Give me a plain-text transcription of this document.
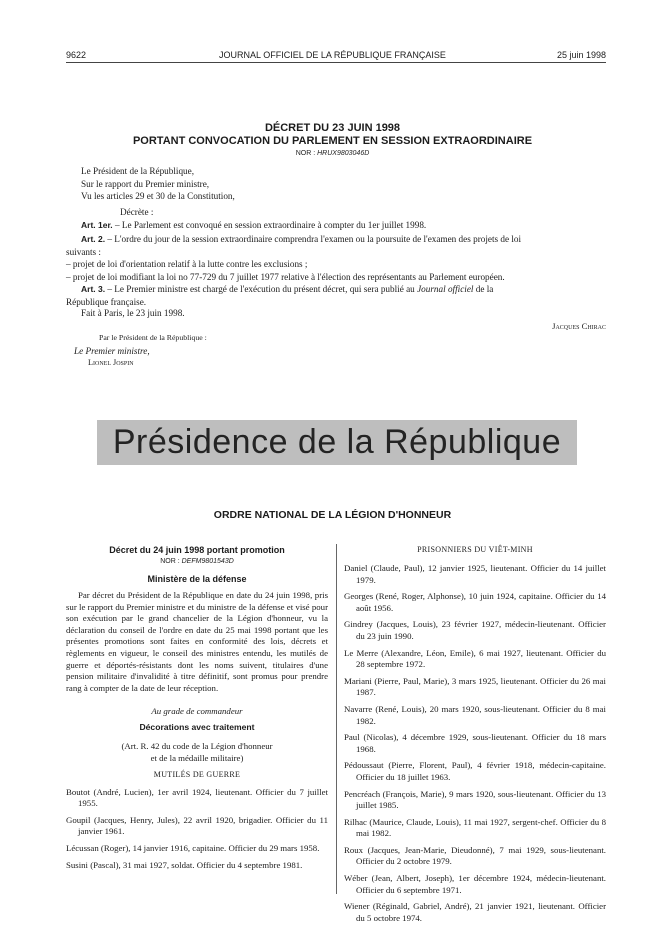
9622	JOURNAL OFFICIEL DE LA RÉPUBLIQUE FRANÇAISE	25 juin 1998
DÉCRET DU 23 JUIN 1998
PORTANT CONVOCATION DU PARLEMENT EN SESSION EXTRAORDINAIRE
NOR : HRUX9803046D
Le Président de la République,
Sur le rapport du Premier ministre,
Vu les articles 29 et 30 de la Constitution,
Décrète :
Art. 1er. – Le Parlement est convoqué en session extraordinaire à compter du 1er juillet 1998.
Art. 2. – L'ordre du jour de la session extraordinaire comprendra l'examen ou la poursuite de l'examen des projets de loi
suivants :
– projet de loi d'orientation relatif à la lutte contre les exclusions ;
– projet de loi modifiant la loi no 77-729 du 7 juillet 1977 relative à l'élection des représentants au Parlement européen.
Art. 3. – Le Premier ministre est chargé de l'exécution du présent décret, qui sera publié au Journal officiel de la
République française.
Fait à Paris, le 23 juin 1998.
Jacques Chirac
Par le Président de la République :
Le Premier ministre,
Lionel Jospin
Présidence de la République
ORDRE NATIONAL DE LA LÉGION D'HONNEUR
Décret du 24 juin 1998 portant promotion
NOR : DEFM9801543D
Ministère de la défense
Par décret du Président de la République en date du 24 juin 1998, pris sur le rapport du Premier ministre et du ministre de la défense et visé pour son exécution par le grand chancelier de la Légion d'honneur, vu la déclaration du conseil de l'ordre en date du 25 mai 1998 portant que les présentes promotions sont faites en conformité des lois, décrets et règlements en vigueur, le conseil des ministres entendu, les mutilés de guerre et déportés-résistants dont les noms suivent, titulaires d'une pension militaire d'invalidité à titre définitif, sont promus pour prendre rang à compter de la date de leur réception.
Au grade de commandeur
Décorations avec traitement
(Art. R. 42 du code de la Légion d'honneur
et de la médaille militaire)
MUTILÉS DE GUERRE

Boutot (André, Lucien), 1er avril 1924, lieutenant. Officier du 7 juillet 1955.

Goupil (Jacques, Henry, Jules), 22 avril 1920, brigadier. Officier du 11 janvier 1961.

Lécussan (Roger), 14 janvier 1916, capitaine. Officier du 29 mars 1958.

Susini (Pascal), 31 mai 1927, soldat. Officier du 4 septembre 1981.

PRISONNIERS DU VIÊT-MINH

Daniel (Claude, Paul), 12 janvier 1925, lieutenant. Officier du 14 juillet 1979.

Georges (René, Roger, Alphonse), 10 juin 1924, capitaine. Officier du 14 août 1956.

Gindrey (Jacques, Louis), 23 février 1927, médecin-lieutenant. Officier du 23 juin 1990.

Le Merre (Alexandre, Léon, Emile), 6 mai 1927, lieutenant. Officier du 28 septembre 1972.

Mariani (Pierre, Paul, Marie), 3 mars 1925, lieutenant. Officier du 26 mai 1987.

Navarre (René, Louis), 20 mars 1920, sous-lieutenant. Officier du 8 mai 1982.

Paul (Nicolas), 4 décembre 1929, sous-lieutenant. Officier du 18 mars 1968.

Pédoussaut (Pierre, Florent, Paul), 4 février 1918, médecin-capitaine. Officier du 18 juillet 1963.

Pencréach (François, Marie), 9 mars 1920, sous-lieutenant. Officier du 13 juillet 1985.

Rilhac (Maurice, Claude, Louis), 11 mai 1927, sergent-chef. Officier du 8 mai 1982.

Roux (Jacques, Jean-Marie, Dieudonné), 7 mai 1929, sous-lieutenant. Officier du 2 octobre 1979.

Wéber (Jean, Albert, Joseph), 1er décembre 1924, médecin-lieutenant. Officier du 6 septembre 1971.

Wiener (Réginald, Gabriel, André), 21 janvier 1921, lieutenant. Officier du 5 octobre 1974.
